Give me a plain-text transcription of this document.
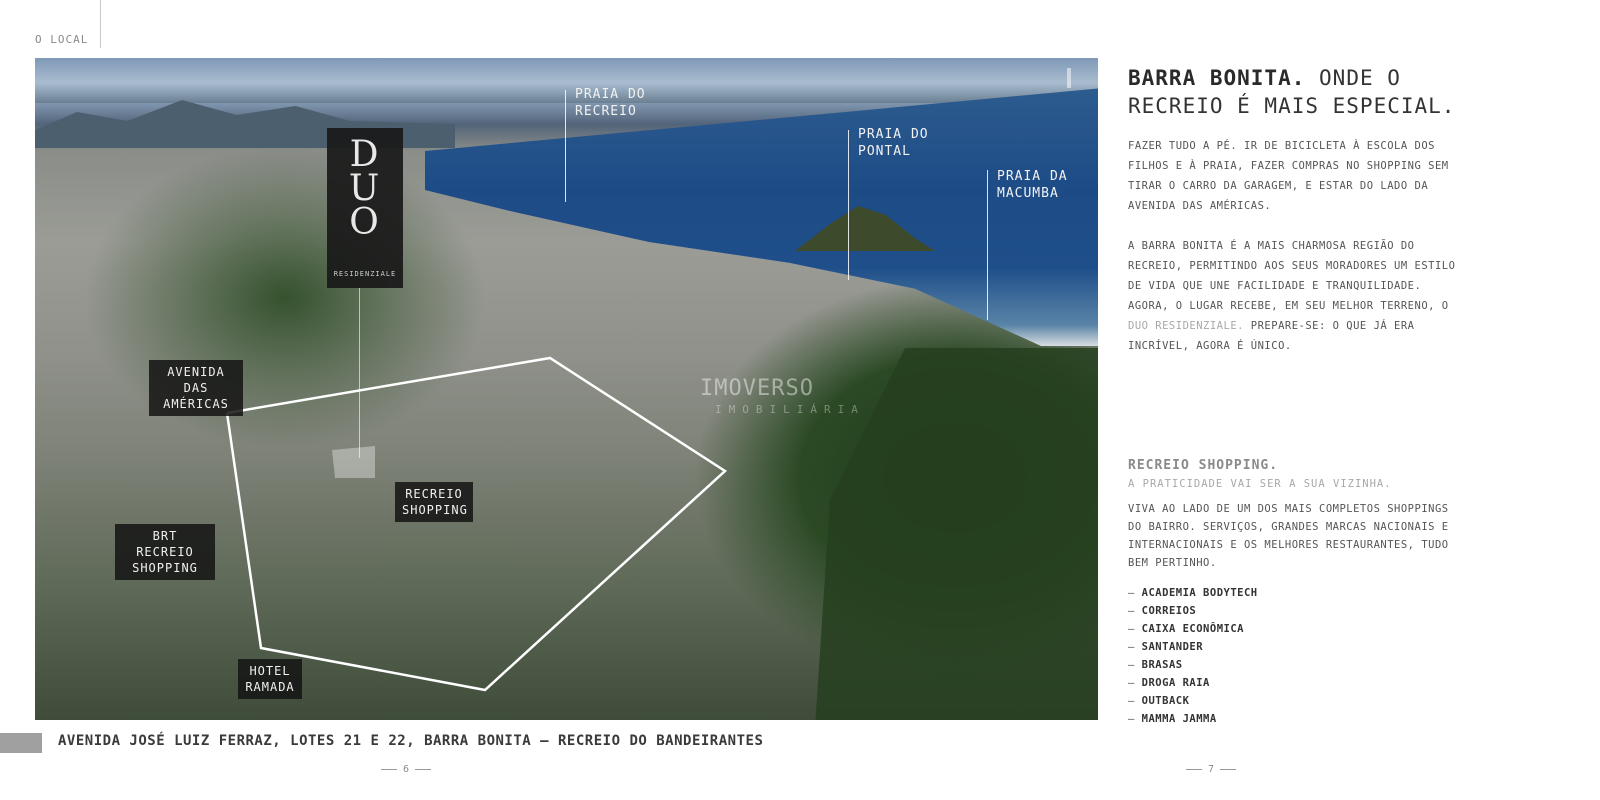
O LOCAL
PRAIA DO RECREIO
PRAIA DO PONTAL
PRAIA DA MACUMBA
D
U
O
RESIDENZIALE
AVENIDA DAS AMÉRICAS
RECREIO SHOPPING
BRT RECREIO SHOPPING
HOTEL RAMADA
IMOVERSO
IMOBILIÁRIA
BARRA BONITA. ONDE O RECREIO É MAIS ESPECIAL.
FAZER TUDO A PÉ. IR DE BICICLETA À ESCOLA DOS FILHOS E À PRAIA, FAZER COMPRAS NO SHOPPING SEM TIRAR O CARRO DA GARAGEM, E ESTAR DO LADO DA AVENIDA DAS AMÉRICAS.
A BARRA BONITA É A MAIS CHARMOSA REGIÃO DO RECREIO, PERMITINDO AOS SEUS MORADORES UM ESTILO DE VIDA QUE UNE FACILIDADE E TRANQUILIDADE. AGORA, O LUGAR RECEBE, EM SEU MELHOR TERRENO, O DUO RESIDENZIALE. PREPARE-SE: O QUE JÁ ERA INCRÍVEL, AGORA É ÚNICO.
RECREIO SHOPPING.
A PRATICIDADE VAI SER A SUA VIZINHA.
VIVA AO LADO DE UM DOS MAIS COMPLETOS SHOPPINGS DO BAIRRO. SERVIÇOS, GRANDES MARCAS NACIONAIS E INTERNACIONAIS E OS MELHORES RESTAURANTES, TUDO BEM PERTINHO.
– ACADEMIA BODYTECH
– CORREIOS
– CAIXA ECONÔMICA
– SANTANDER
– BRASAS
– DROGA RAIA
– OUTBACK
– MAMMA JAMMA
AVENIDA JOSÉ LUIZ FERRAZ, LOTES 21 E 22, BARRA BONITA – RECREIO DO BANDEIRANTES
6	7
